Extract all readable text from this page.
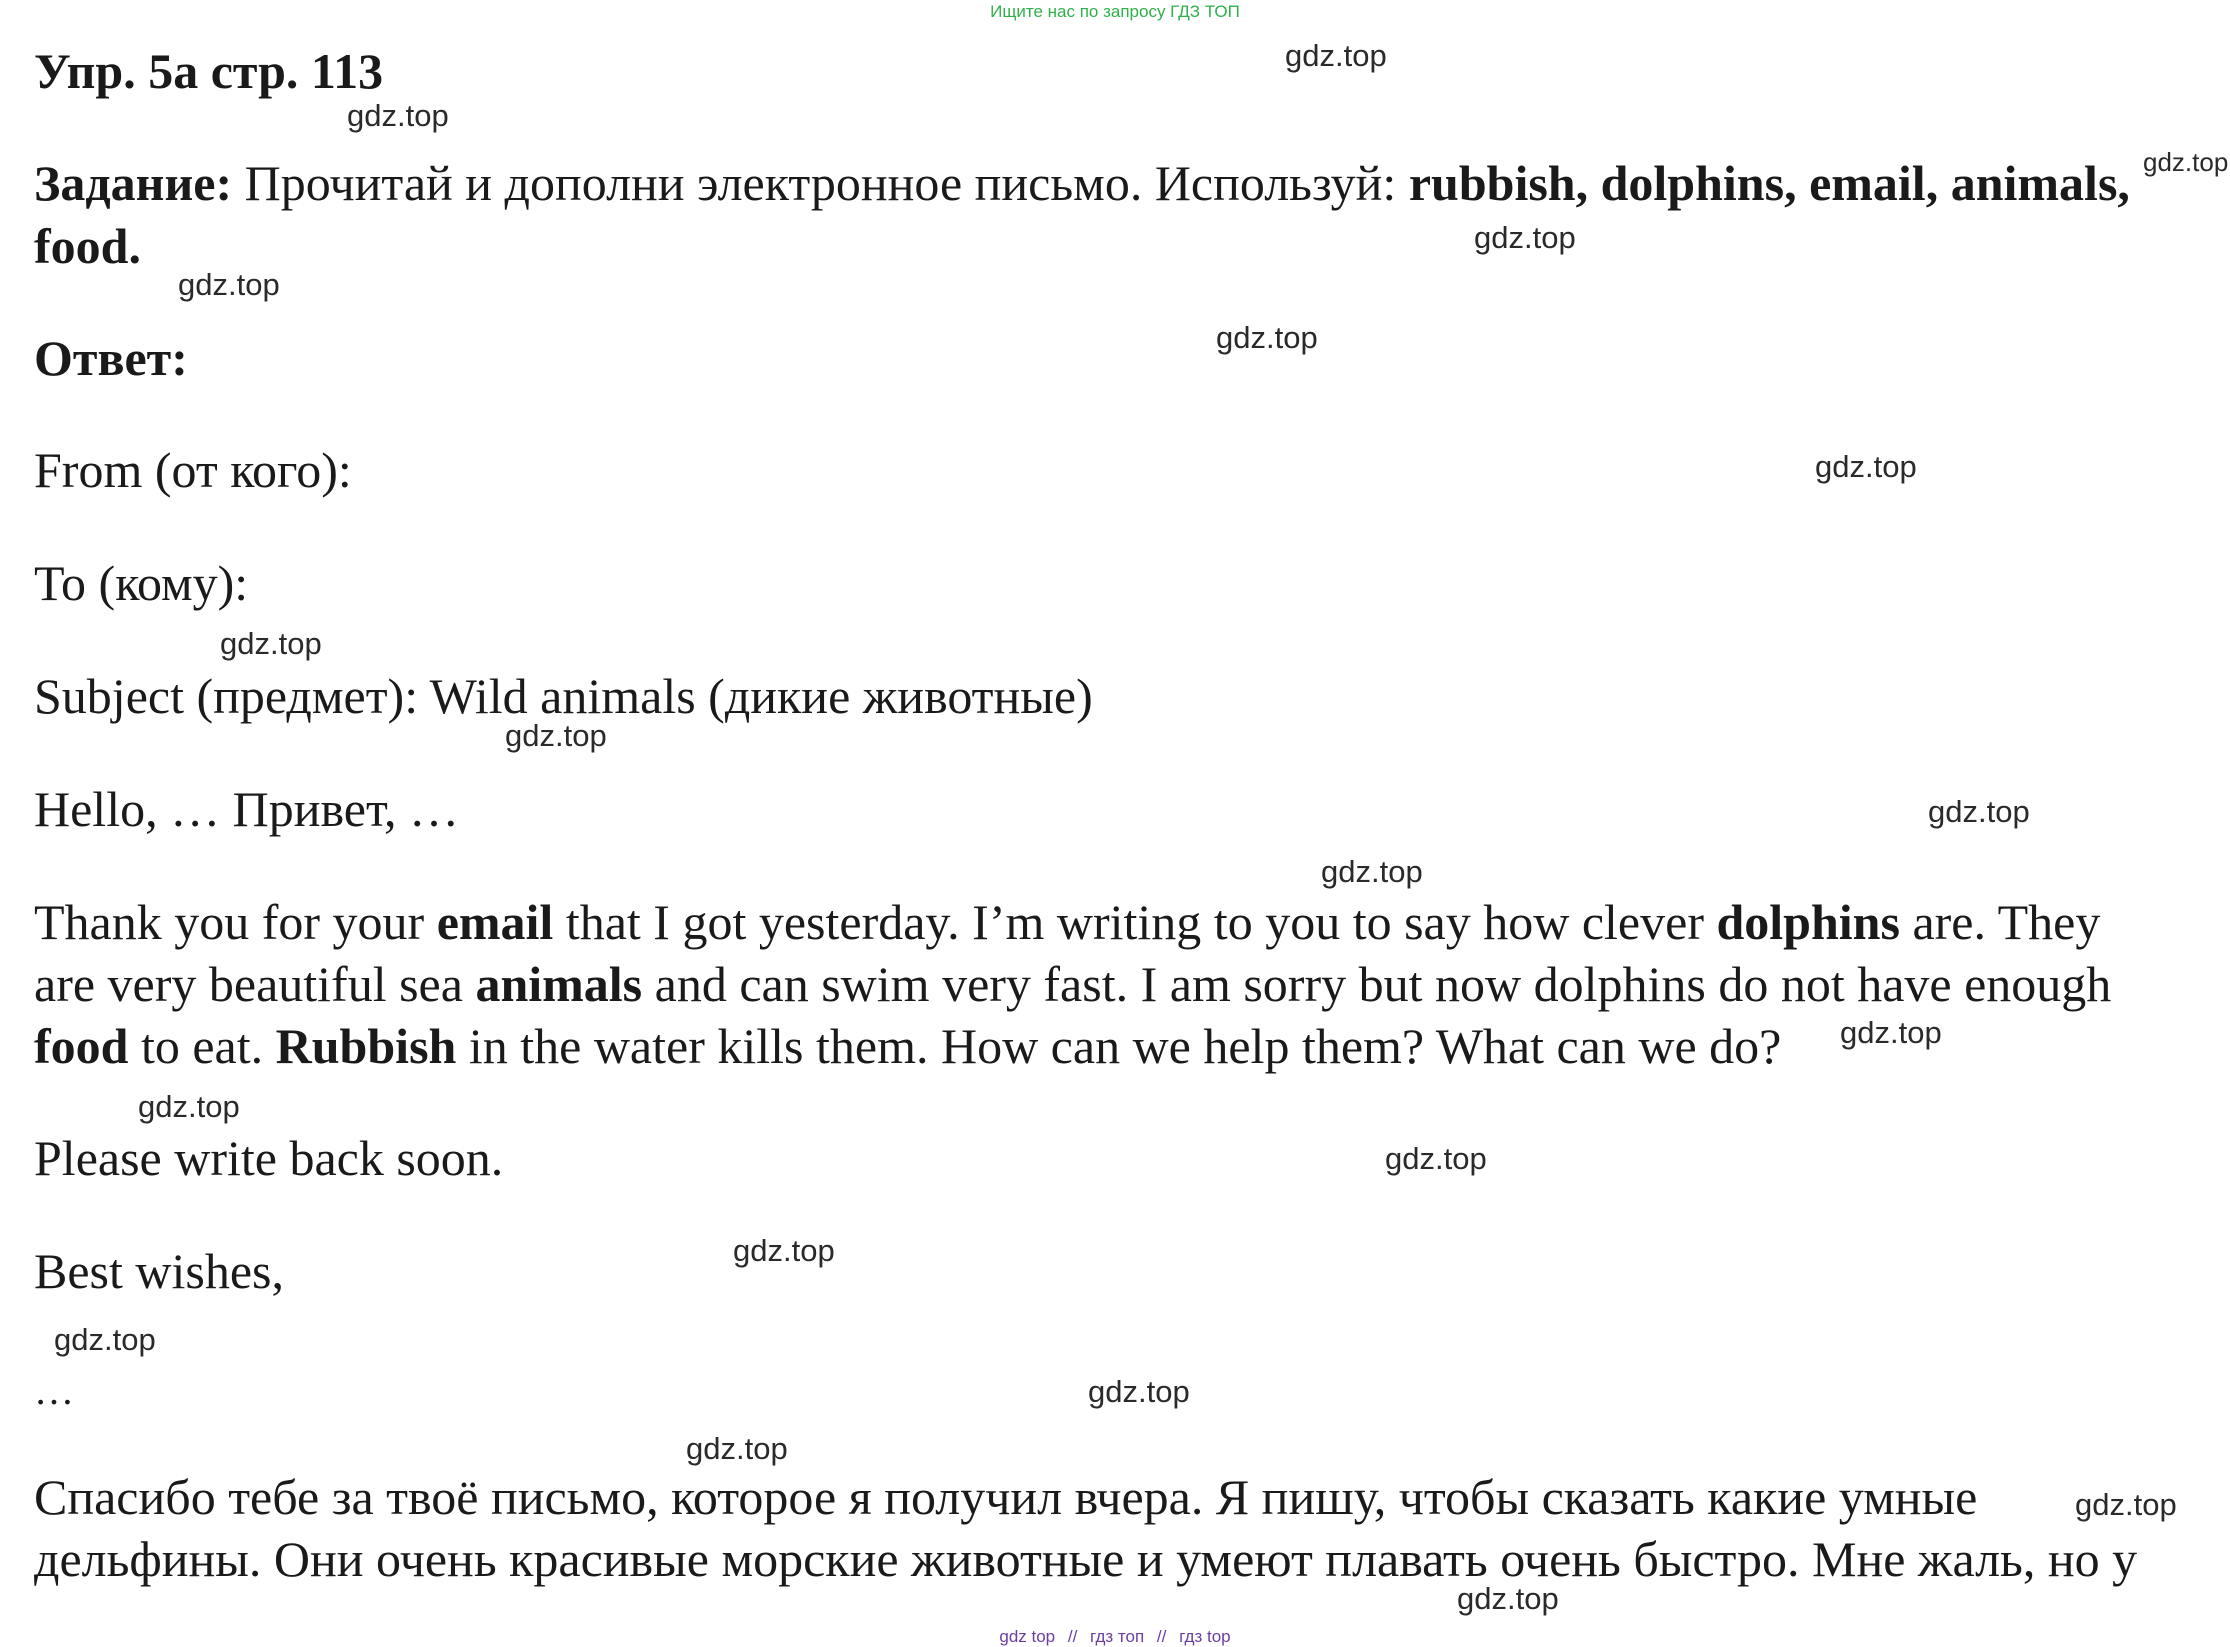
Ищите нас по запросу ГДЗ ТОП
Упр. 5а стр. 113
Задание: Прочитай и дополни электронное письмо. Используй: rubbish, dolphins, email, animals,
food.
Ответ:
From (от кого):
To (кому):
Subject (предмет): Wild animals (дикие животные)
Hello, … Привет, …
Thank you for your email that I got yesterday. I’m writing to you to say how clever dolphins are. They
are very beautiful sea animals and can swim very fast. I am sorry but now dolphins do not have enough
food to eat. Rubbish in the water kills them. How can we help them? What can we do?
Please write back soon.
Best wishes,
…
Спасибо тебе за твоё письмо, которое я получил вчера. Я пишу, чтобы сказать какие умные
дельфины. Они очень красивые морские животные и умеют плавать очень быстро. Мне жаль, но у
gdz.top
gdz.top
gdz.top
gdz.top
gdz.top
gdz.top
gdz.top
gdz.top
gdz.top
gdz.top
gdz.top
gdz.top
gdz.top
gdz.top
gdz.top
gdz.top
gdz.top
gdz.top
gdz.top
gdz.top
gdz top // гдз топ // гдз top
